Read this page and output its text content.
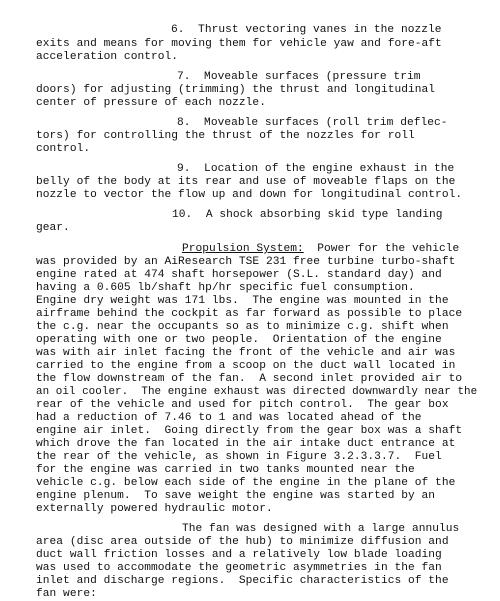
6.  Thrust vectoring vanes in the nozzle
exits and means for moving them for vehicle yaw and fore-aft
acceleration control.
7.  Moveable surfaces (pressure trim
doors) for adjusting (trimming) the thrust and longitudinal
center of pressure of each nozzle.
8.  Moveable surfaces (roll trim deflec-
tors) for controlling the thrust of the nozzles for roll
control.
9.  Location of the engine exhaust in the
belly of the body at its rear and use of moveable flaps on the
nozzle to vector the flow up and down for longitudinal control.
10.  A shock absorbing skid type landing
gear.
Propulsion System:  Power for the vehicle
was provided by an AiResearch TSE 231 free turbine turbo-shaft
engine rated at 474 shaft horsepower (S.L. standard day) and
having a 0.605 lb/shaft hp/hr specific fuel consumption.
Engine dry weight was 171 lbs.  The engine was mounted in the
airframe behind the cockpit as far forward as possible to place
the c.g. near the occupants so as to minimize c.g. shift when
operating with one or two people.  Orientation of the engine
was with air inlet facing the front of the vehicle and air was
carried to the engine from a scoop on the duct wall located in
the flow downstream of the fan.  A second inlet provided air to
an oil cooler.  The engine exhaust was directed downwardly near the
rear of the vehicle and used for pitch control.  The gear box
had a reduction of 7.46 to 1 and was located ahead of the
engine air inlet.  Going directly from the gear box was a shaft
which drove the fan located in the air intake duct entrance at
the rear of the vehicle, as shown in Figure 3.2.3.3.7.  Fuel
for the engine was carried in two tanks mounted near the
vehicle c.g. below each side of the engine in the plane of the
engine plenum.  To save weight the engine was started by an
externally powered hydraulic motor.
The fan was designed with a large annulus
area (disc area outside of the hub) to minimize diffusion and
duct wall friction losses and a relatively low blade loading
was used to accommodate the geometric asymmetries in the fan
inlet and discharge regions.  Specific characteristics of the
fan were:
